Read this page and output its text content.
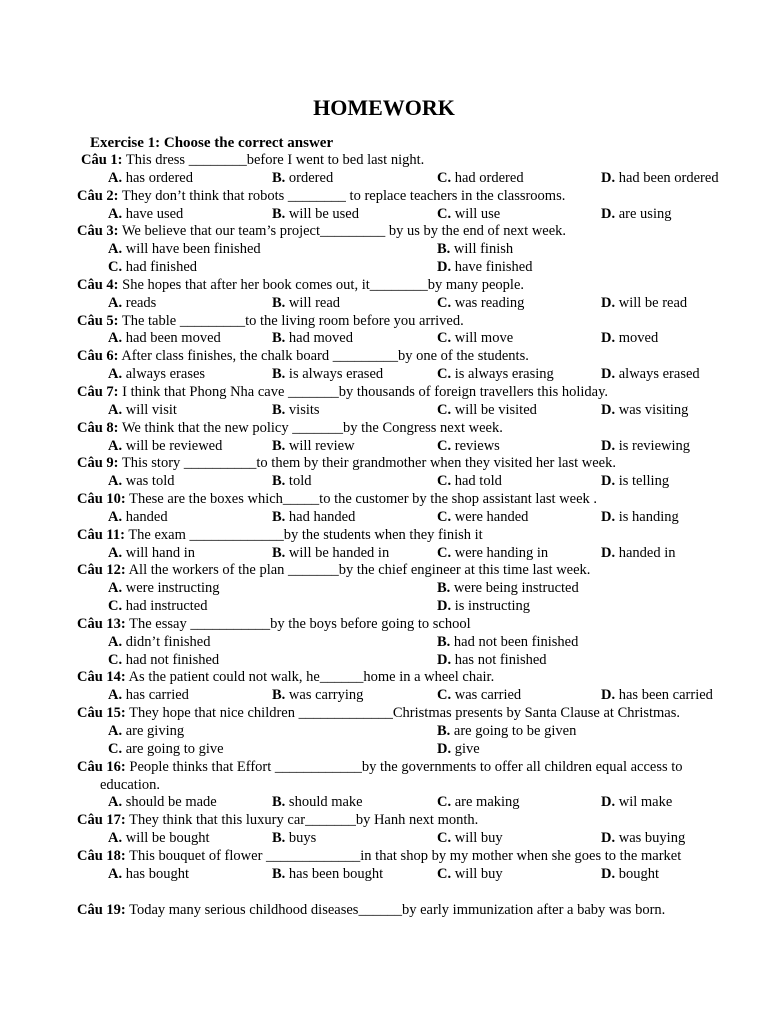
HOMEWORK
Exercise 1: Choose the correct answer
Câu 1: This dress ________before I went to bed last night.
A. has ordered	B. ordered	C. had ordered	D. had been ordered
Câu 2: They don’t think that robots ________ to replace teachers in the classrooms.
A. have used	B. will be used	C. will use	D. are using
Câu 3: We believe that our team’s project_________ by us by the end of next week.
A. will have been finished	B. will finish
C. had finished	D. have finished
Câu 4: She hopes that after her book comes out, it________by many people.
A. reads	B. will read	C. was reading	D. will be read
Câu 5: The table _________to the living room before you arrived.
A. had been moved	B. had moved	C. will move	D. moved
Câu 6: After class finishes, the chalk board _________by one of the students.
A. always erases	B. is always erased	C. is always erasing	D. always erased
Câu 7: I think that Phong Nha cave _______by thousands of foreign travellers this holiday.
A. will visit	B. visits	C. will be visited	D. was visiting
Câu 8: We think that the new policy _______by the Congress next week.
A. will be reviewed	B. will review	C. reviews	D. is reviewing
Câu 9: This story __________to them by their grandmother when they visited her last week.
A. was told	B. told	C. had told	D. is telling
Câu 10: These are the boxes which_____to the customer by the shop assistant last week .
A. handed	B. had handed	C. were handed	D. is handing
Câu 11: The exam _____________by the students when they finish it
A. will hand in	B. will be handed in	C. were handing in	D. handed in
Câu 12: All the workers of the plan _______by the chief engineer at this time last week.
A. were instructing	B. were being instructed
C. had instructed	D. is instructing
Câu 13: The essay ___________by the boys before going to school
A. didn’t finished	B. had not been finished
C. had not finished	D. has not finished
Câu 14: As the patient could not walk, he______home in a wheel chair.
A. has carried	B. was carrying	C. was carried	D. has been carried
Câu 15: They hope that nice children _____________Christmas presents by Santa Clause at Christmas.
A. are giving	B. are going to be given
C. are going to give	D. give
Câu 16: People thinks that Effort ____________by the governments to offer all children equal access to
education.
A. should be made	B. should make	C. are making	D. wil make
Câu 17: They think that this luxury car_______by Hanh next month.
A. will be bought	B. buys	C. will buy	D. was buying
Câu 18: This bouquet of flower _____________in that shop by my mother when she goes to the market
A. has bought	B. has been bought	C. will buy	D. bought
Câu 19: Today many serious childhood diseases______by early immunization after a baby was born.
